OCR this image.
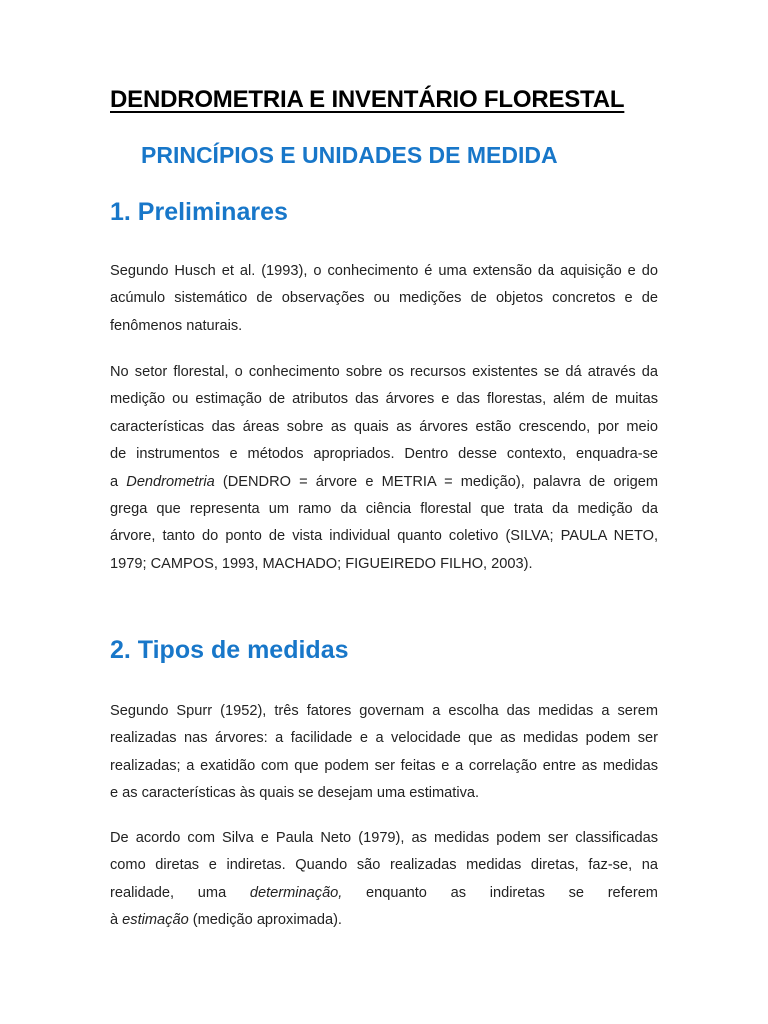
DENDROMETRIA E INVENTÁRIO FLORESTAL
PRINCÍPIOS E UNIDADES DE MEDIDA
1. Preliminares

Segundo Husch et al. (1993), o conhecimento é uma extensão da aquisição e do
acúmulo sistemático de observações ou medições de objetos concretos e de
fenômenos naturais.

No setor florestal, o conhecimento sobre os recursos existentes se dá através da
medição ou estimação de atributos das árvores e das florestas, além de muitas
características das áreas sobre as quais as árvores estão crescendo, por meio
de instrumentos e métodos apropriados. Dentro desse contexto, enquadra-se
a Dendrometria (DENDRO = árvore e METRIA = medição), palavra de origem
grega que representa um ramo da ciência florestal que trata da medição da
árvore, tanto do ponto de vista individual quanto coletivo (SILVA; PAULA NETO,
1979; CAMPOS, 1993, MACHADO; FIGUEIREDO FILHO, 2003).

2. Tipos de medidas

Segundo Spurr (1952), três fatores governam a escolha das medidas a serem
realizadas nas árvores: a facilidade e a velocidade que as medidas podem ser
realizadas; a exatidão com que podem ser feitas e a correlação entre as medidas
e as características às quais se desejam uma estimativa.

De acordo com Silva e Paula Neto (1979), as medidas podem ser classificadas
como diretas e indiretas. Quando são realizadas medidas diretas, faz-se, na
realidade, uma determinação, enquanto as indiretas se referem
à estimação (medição aproximada).
